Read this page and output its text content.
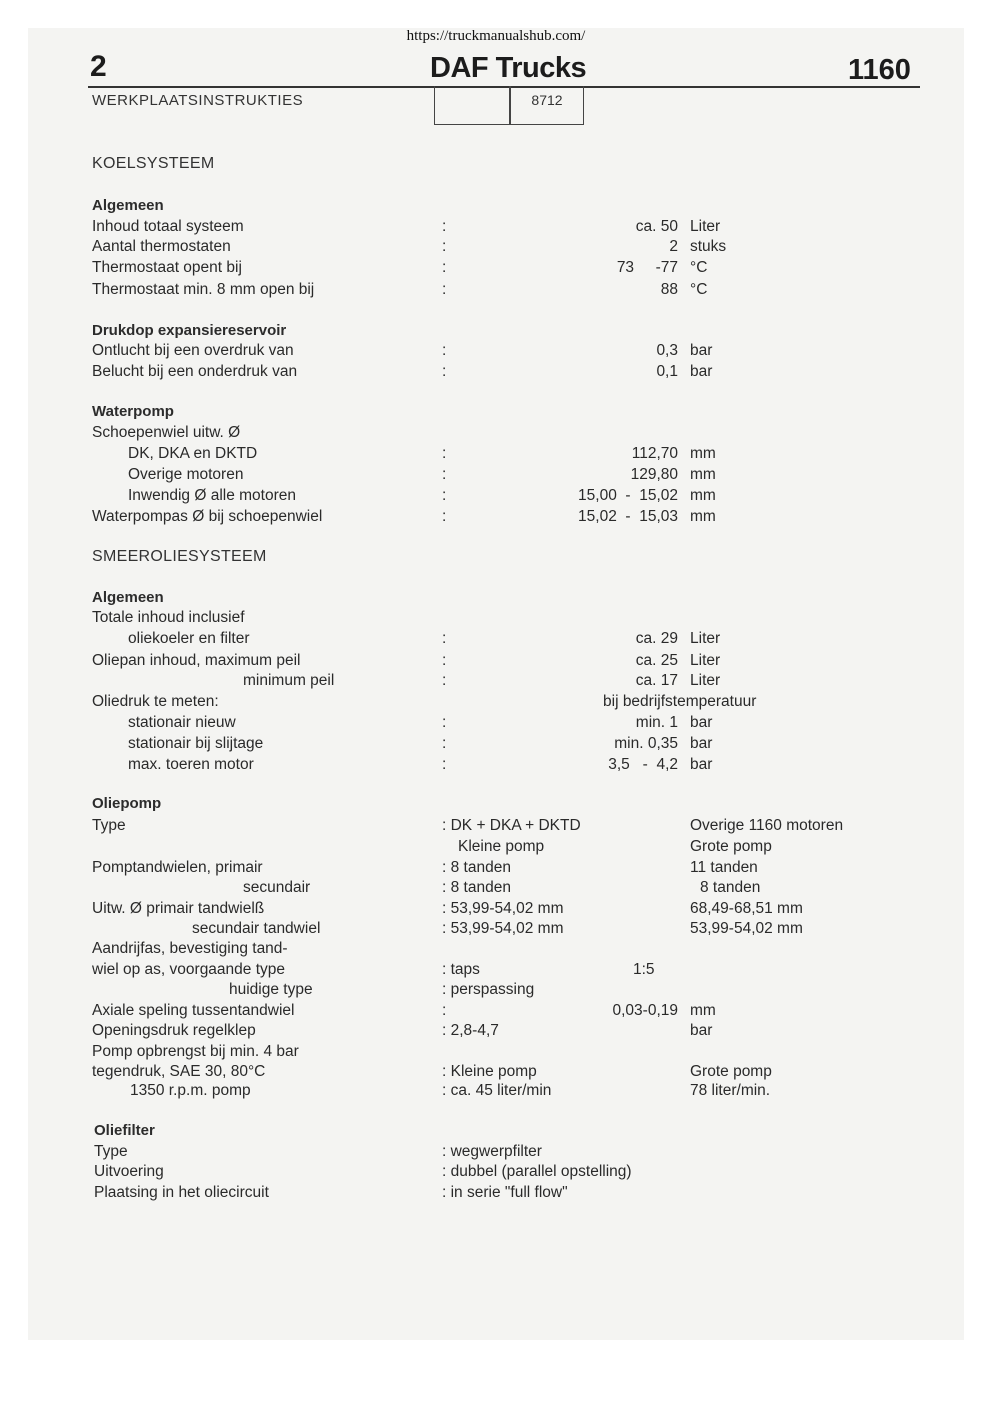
https://truckmanualshub.com/
2	DAF Trucks	1160
WERKPLAATSINSTRUKTIES	8712
KOELSYSTEEM
Algemeen
Inhoud totaal systeem	:	ca. 50 Liter
Aantal thermostaten	:	2 stuks
Thermostaat opent bij	:	73     -77 °C
Thermostaat min. 8 mm open bij	:	88 °C
Drukdop expansiereservoir
Ontlucht bij een overdruk van	:	0,3 bar
Belucht bij een onderdruk van	:	0,1 bar
Waterpomp
Schoepenwiel uitw. Ø
DK, DKA en DKTD	:	112,70 mm
Overige motoren	:	129,80 mm
Inwendig Ø alle motoren	:	15,00  -  15,02 mm
Waterpompas Ø bij schoepenwiel	:	15,02  -  15,03 mm
SMEEROLIESYSTEEM
Algemeen
Totale inhoud inclusief
oliekoeler en filter	:	ca. 29 Liter
Oliepan inhoud, maximum peil	:	ca. 25 Liter
minimum peil	:	ca. 17 Liter
Oliedruk te meten:	bij bedrijfstemperatuur
stationair nieuw	:	min. 1 bar
stationair bij slijtage	:	min. 0,35 bar
max. toeren motor	:	3,5   -  4,2 bar
Oliepomp
Type	: DK + DKA + DKTD	Overige 1160 motoren
Kleine pomp	Grote pomp
Pomptandwielen, primair	: 8 tanden	11 tanden
secundair	: 8 tanden	8 tanden
Uitw. Ø primair tandwielß	: 53,99-54,02 mm	68,49-68,51 mm
secundair tandwiel	: 53,99-54,02 mm	53,99-54,02 mm
Aandrijfas, bevestiging tand-
wiel op as, voorgaande type	: taps	1:5
huidige type	: perspassing
Axiale speling tussentandwiel	:	0,03-0,19 mm
Openingsdruk regelklep	: 2,8-4,7	bar
Pomp opbrengst bij min. 4 bar
tegendruk, SAE 30, 80°C	: Kleine pomp	Grote pomp
1350 r.p.m. pomp	: ca. 45 liter/min	78 liter/min.
Oliefilter
Type	: wegwerpfilter
Uitvoering	: dubbel (parallel opstelling)
Plaatsing in het oliecircuit	: in serie "full flow"
